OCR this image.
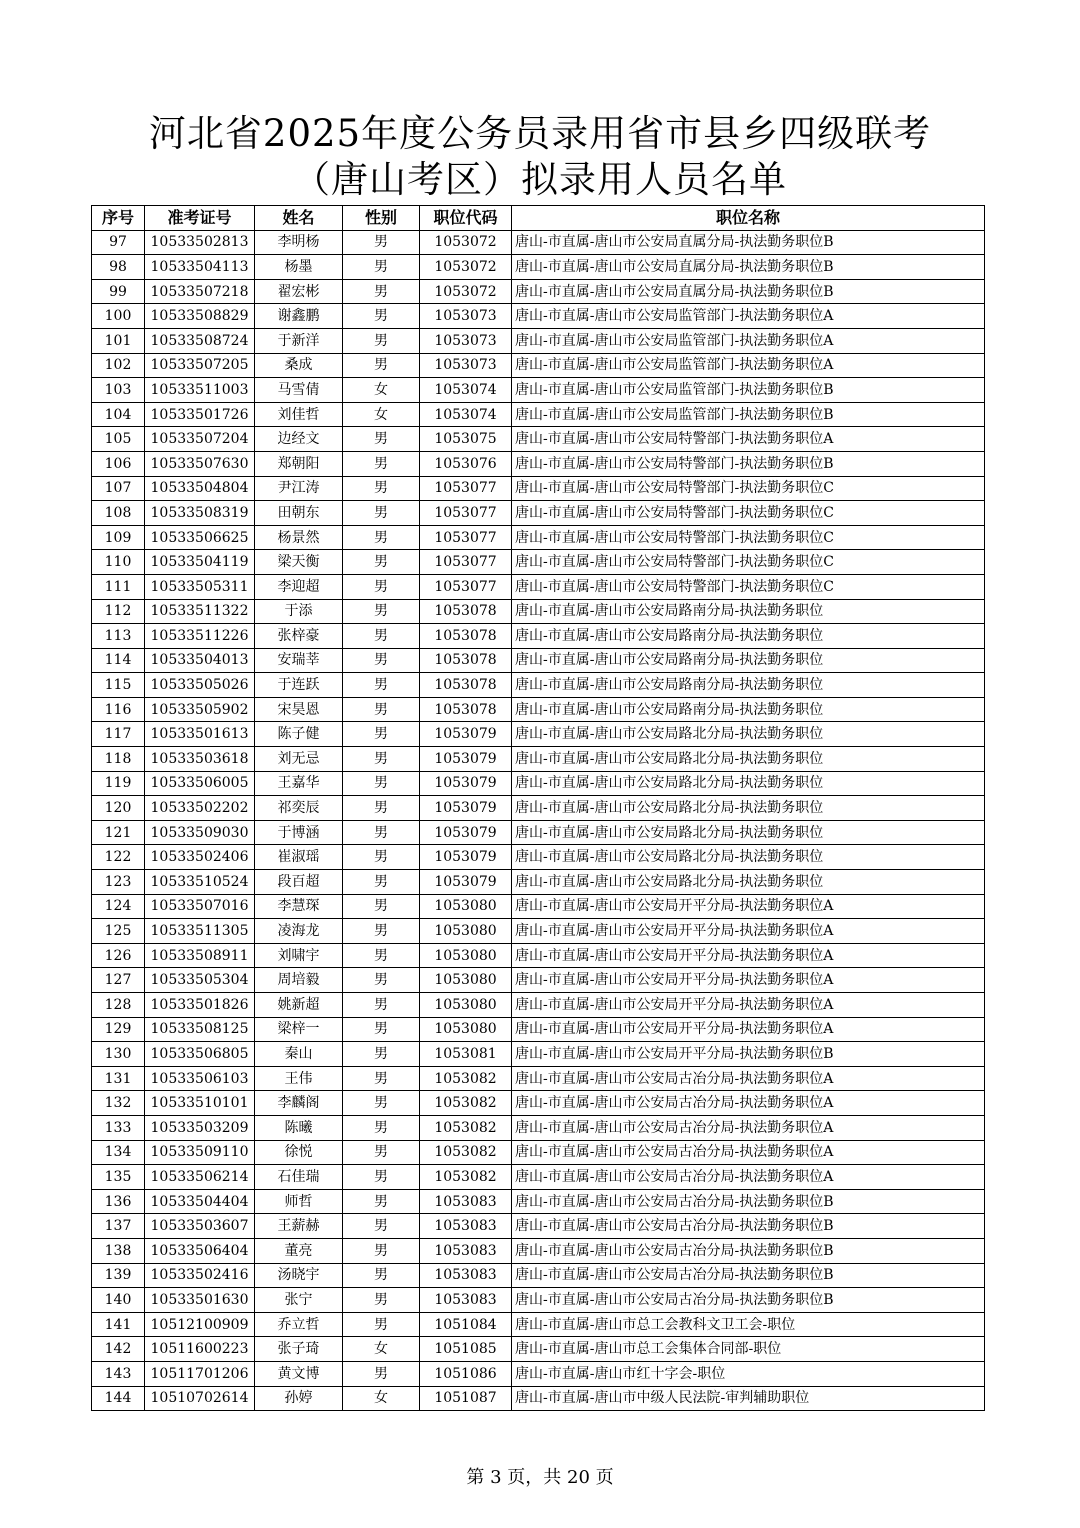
河北省2025年度公务员录用省市县乡四级联考
（唐山考区）拟录用人员名单
序号	准考证号	姓名	性别	职位代码	职位名称
97	10533502813	李明杨	男	1053072	唐山-市直属-唐山市公安局直属分局-执法勤务职位B
98	10533504113	杨墨	男	1053072	唐山-市直属-唐山市公安局直属分局-执法勤务职位B
99	10533507218	翟宏彬	男	1053072	唐山-市直属-唐山市公安局直属分局-执法勤务职位B
100	10533508829	谢鑫鹏	男	1053073	唐山-市直属-唐山市公安局监管部门-执法勤务职位A
101	10533508724	于新洋	男	1053073	唐山-市直属-唐山市公安局监管部门-执法勤务职位A
102	10533507205	桑成	男	1053073	唐山-市直属-唐山市公安局监管部门-执法勤务职位A
103	10533511003	马雪倩	女	1053074	唐山-市直属-唐山市公安局监管部门-执法勤务职位B
104	10533501726	刘佳哲	女	1053074	唐山-市直属-唐山市公安局监管部门-执法勤务职位B
105	10533507204	边经文	男	1053075	唐山-市直属-唐山市公安局特警部门-执法勤务职位A
106	10533507630	郑朝阳	男	1053076	唐山-市直属-唐山市公安局特警部门-执法勤务职位B
107	10533504804	尹江涛	男	1053077	唐山-市直属-唐山市公安局特警部门-执法勤务职位C
108	10533508319	田朝东	男	1053077	唐山-市直属-唐山市公安局特警部门-执法勤务职位C
109	10533506625	杨景然	男	1053077	唐山-市直属-唐山市公安局特警部门-执法勤务职位C
110	10533504119	梁天衡	男	1053077	唐山-市直属-唐山市公安局特警部门-执法勤务职位C
111	10533505311	李迎超	男	1053077	唐山-市直属-唐山市公安局特警部门-执法勤务职位C
112	10533511322	于添	男	1053078	唐山-市直属-唐山市公安局路南分局-执法勤务职位
113	10533511226	张梓豪	男	1053078	唐山-市直属-唐山市公安局路南分局-执法勤务职位
114	10533504013	安瑞莘	男	1053078	唐山-市直属-唐山市公安局路南分局-执法勤务职位
115	10533505026	于连跃	男	1053078	唐山-市直属-唐山市公安局路南分局-执法勤务职位
116	10533505902	宋昊恩	男	1053078	唐山-市直属-唐山市公安局路南分局-执法勤务职位
117	10533501613	陈子健	男	1053079	唐山-市直属-唐山市公安局路北分局-执法勤务职位
118	10533503618	刘无忌	男	1053079	唐山-市直属-唐山市公安局路北分局-执法勤务职位
119	10533506005	王嘉华	男	1053079	唐山-市直属-唐山市公安局路北分局-执法勤务职位
120	10533502202	祁奕辰	男	1053079	唐山-市直属-唐山市公安局路北分局-执法勤务职位
121	10533509030	于博涵	男	1053079	唐山-市直属-唐山市公安局路北分局-执法勤务职位
122	10533502406	崔淑瑶	男	1053079	唐山-市直属-唐山市公安局路北分局-执法勤务职位
123	10533510524	段百超	男	1053079	唐山-市直属-唐山市公安局路北分局-执法勤务职位
124	10533507016	李慧琛	男	1053080	唐山-市直属-唐山市公安局开平分局-执法勤务职位A
125	10533511305	凌海龙	男	1053080	唐山-市直属-唐山市公安局开平分局-执法勤务职位A
126	10533508911	刘啸宇	男	1053080	唐山-市直属-唐山市公安局开平分局-执法勤务职位A
127	10533505304	周培毅	男	1053080	唐山-市直属-唐山市公安局开平分局-执法勤务职位A
128	10533501826	姚新超	男	1053080	唐山-市直属-唐山市公安局开平分局-执法勤务职位A
129	10533508125	梁梓一	男	1053080	唐山-市直属-唐山市公安局开平分局-执法勤务职位A
130	10533506805	秦山	男	1053081	唐山-市直属-唐山市公安局开平分局-执法勤务职位B
131	10533506103	王伟	男	1053082	唐山-市直属-唐山市公安局古冶分局-执法勤务职位A
132	10533510101	李麟阁	男	1053082	唐山-市直属-唐山市公安局古冶分局-执法勤务职位A
133	10533503209	陈曦	男	1053082	唐山-市直属-唐山市公安局古冶分局-执法勤务职位A
134	10533509110	徐悦	男	1053082	唐山-市直属-唐山市公安局古冶分局-执法勤务职位A
135	10533506214	石佳瑞	男	1053082	唐山-市直属-唐山市公安局古冶分局-执法勤务职位A
136	10533504404	师哲	男	1053083	唐山-市直属-唐山市公安局古冶分局-执法勤务职位B
137	10533503607	王薪赫	男	1053083	唐山-市直属-唐山市公安局古冶分局-执法勤务职位B
138	10533506404	董亮	男	1053083	唐山-市直属-唐山市公安局古冶分局-执法勤务职位B
139	10533502416	汤晓宇	男	1053083	唐山-市直属-唐山市公安局古冶分局-执法勤务职位B
140	10533501630	张宁	男	1053083	唐山-市直属-唐山市公安局古冶分局-执法勤务职位B
141	10512100909	乔立哲	男	1051084	唐山-市直属-唐山市总工会教科文卫工会-职位
142	10511600223	张子琦	女	1051085	唐山-市直属-唐山市总工会集体合同部-职位
143	10511701206	黄文博	男	1051086	唐山-市直属-唐山市红十字会-职位
144	10510702614	孙婷	女	1051087	唐山-市直属-唐山市中级人民法院-审判辅助职位
第 3 页，共 20 页
